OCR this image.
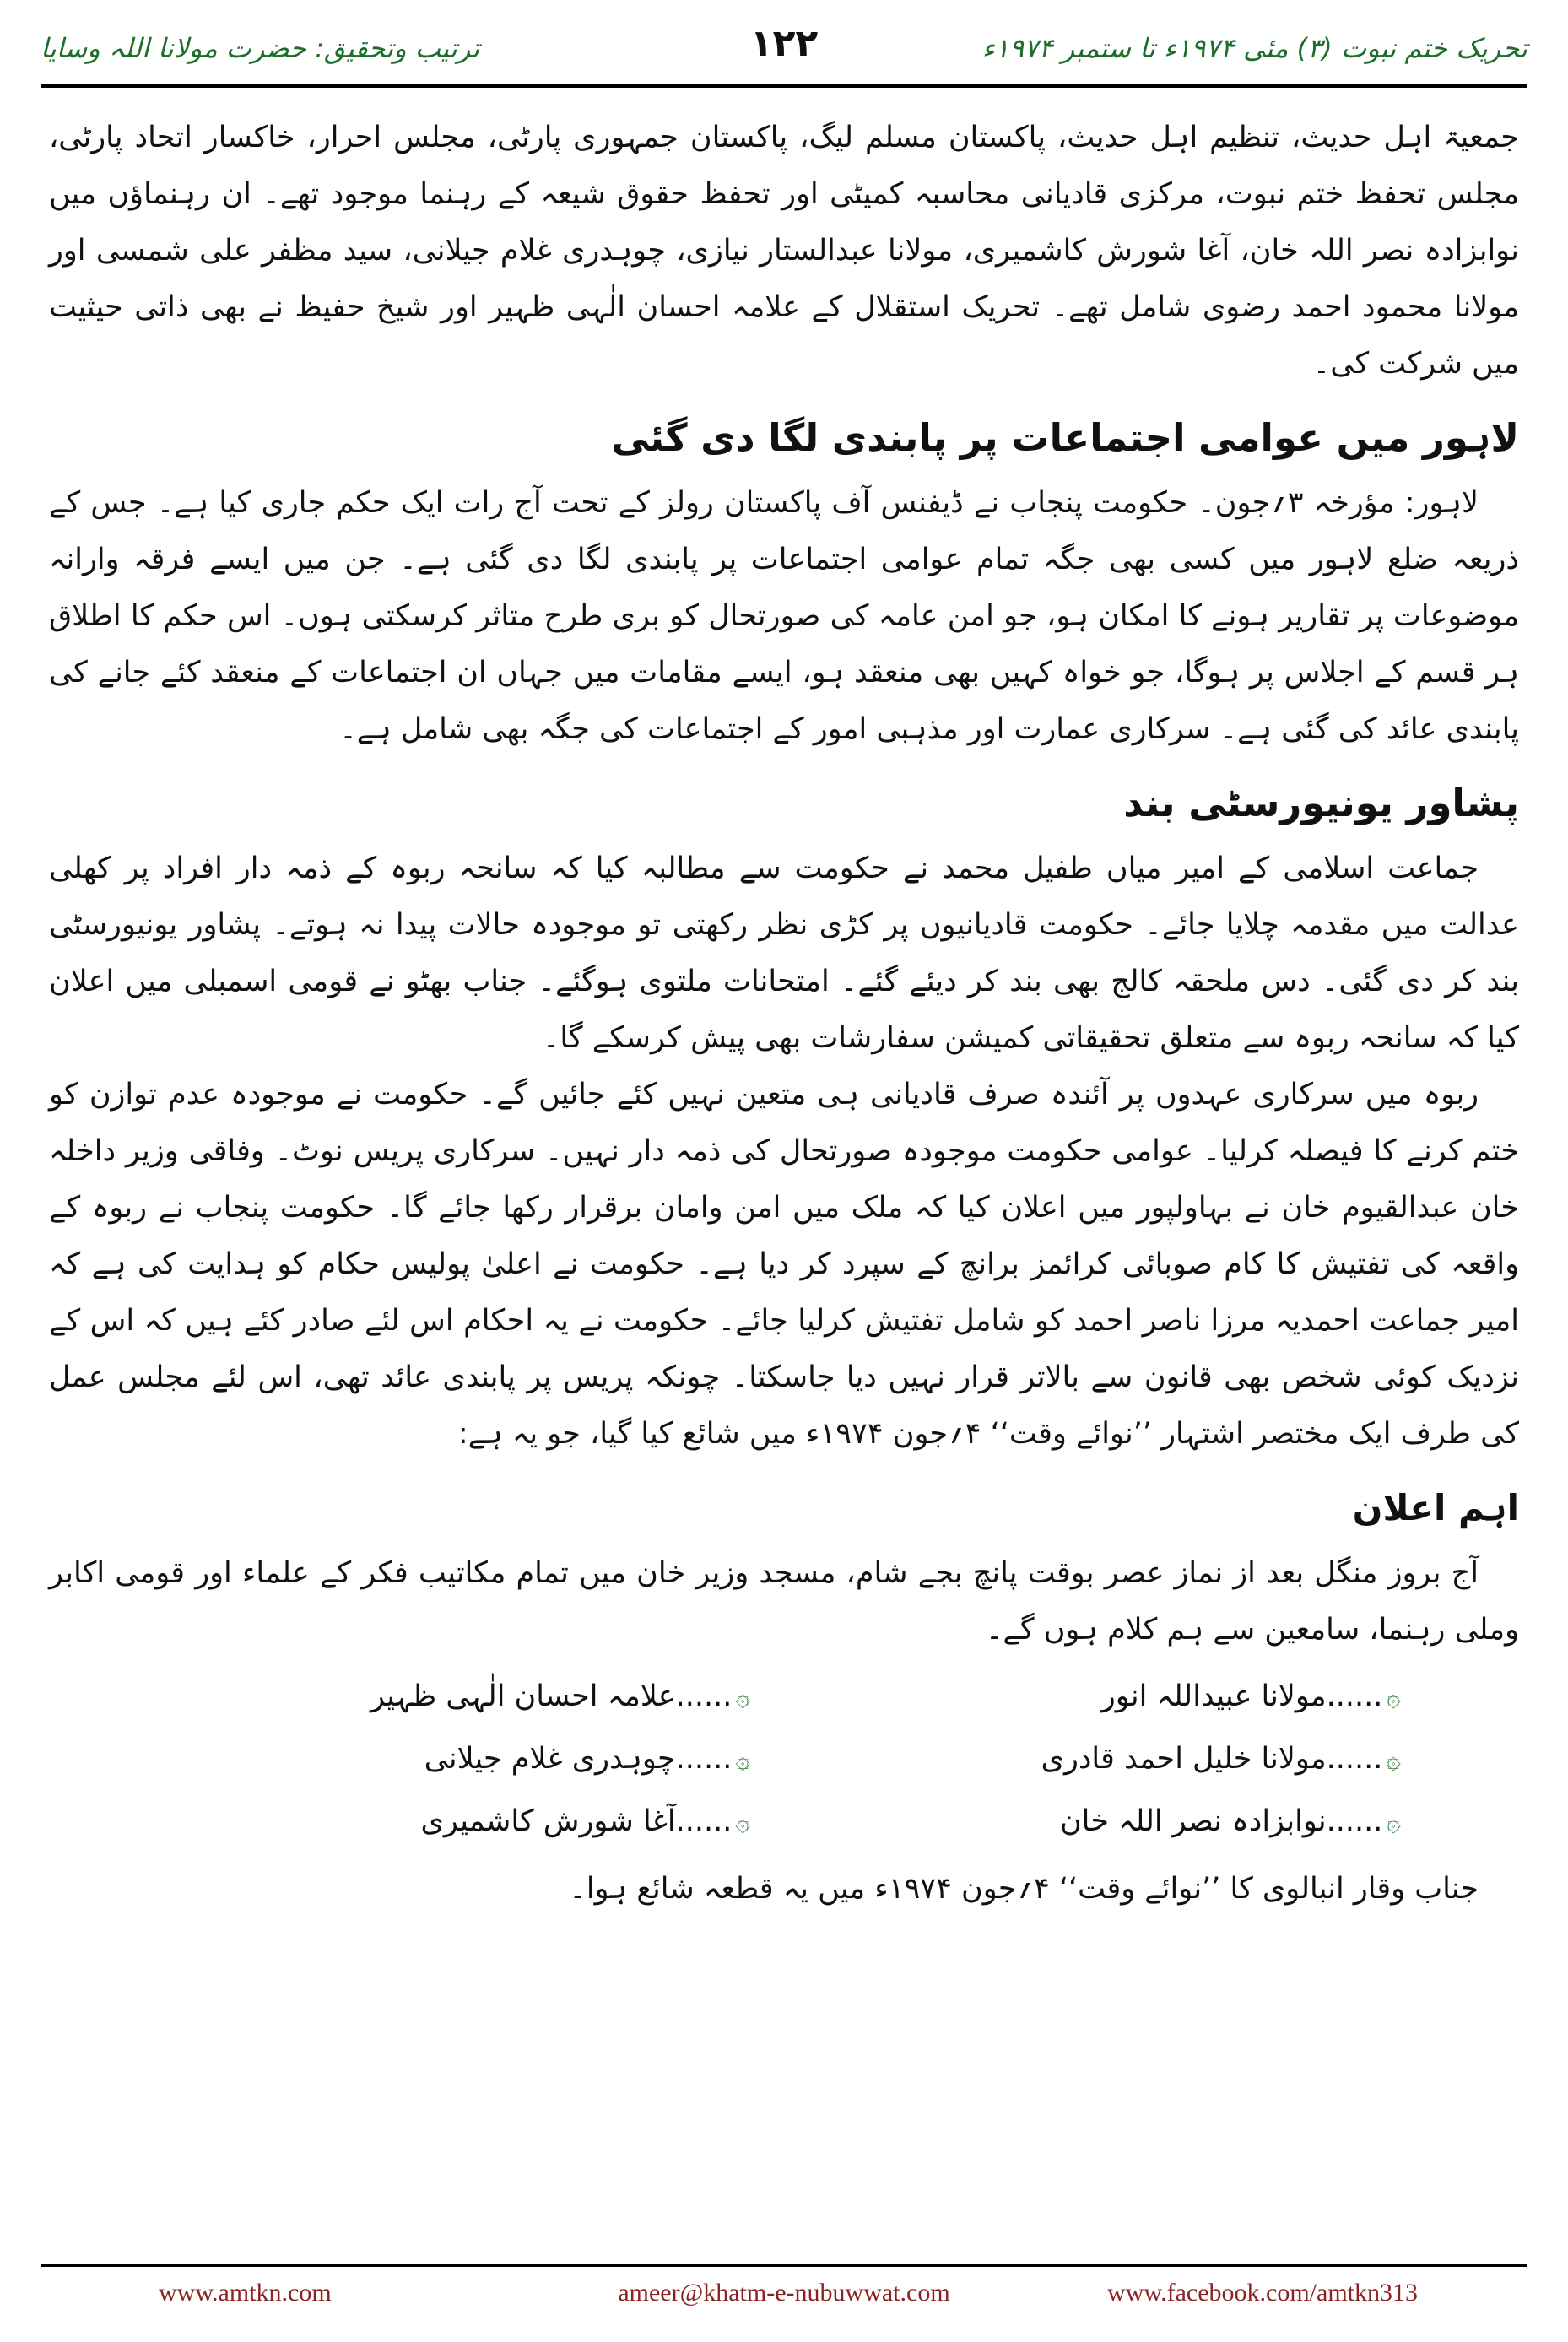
تحریک ختم نبوت (۳) مئی ۱۹۷۴ء تا ستمبر ۱۹۷۴ء
۱۲۲
ترتیب وتحقیق: حضرت مولانا اللہ وسایا

جمعیۃ اہل حدیث، تنظیم اہل حدیث، پاکستان مسلم لیگ، پاکستان جمہوری پارٹی، مجلس احرار، خاکسار اتحاد پارٹی، مجلس تحفظ ختم نبوت، مرکزی قادیانی محاسبہ کمیٹی اور تحفظ حقوق شیعہ کے رہنما موجود تھے۔ ان رہنماؤں میں نوابزادہ نصر اللہ خان، آغا شورش کاشمیری، مولانا عبدالستار نیازی، چوہدری غلام جیلانی، سید مظفر علی شمسی اور مولانا محمود احمد رضوی شامل تھے۔ تحریک استقلال کے علامہ احسان الٰہی ظہیر اور شیخ حفیظ نے بھی ذاتی حیثیت میں شرکت کی۔

لاہور میں عوامی اجتماعات پر پابندی لگا دی گئی

لاہور: مؤرخہ ۳؍جون۔ حکومت پنجاب نے ڈیفنس آف پاکستان رولز کے تحت آج رات ایک حکم جاری کیا ہے۔ جس کے ذریعہ ضلع لاہور میں کسی بھی جگہ تمام عوامی اجتماعات پر پابندی لگا دی گئی ہے۔ جن میں ایسے فرقہ وارانہ موضوعات پر تقاریر ہونے کا امکان ہو، جو امن عامہ کی صورتحال کو بری طرح متاثر کرسکتی ہوں۔ اس حکم کا اطلاق ہر قسم کے اجلاس پر ہوگا، جو خواہ کہیں بھی منعقد ہو، ایسے مقامات میں جہاں ان اجتماعات کے منعقد کئے جانے کی پابندی عائد کی گئی ہے۔ سرکاری عمارت اور مذہبی امور کے اجتماعات کی جگہ بھی شامل ہے۔

پشاور یونیورسٹی بند

جماعت اسلامی کے امیر میاں طفیل محمد نے حکومت سے مطالبہ کیا کہ سانحہ ربوہ کے ذمہ دار افراد پر کھلی عدالت میں مقدمہ چلایا جائے۔ حکومت قادیانیوں پر کڑی نظر رکھتی تو موجودہ حالات پیدا نہ ہوتے۔ پشاور یونیورسٹی بند کر دی گئی۔ دس ملحقہ کالج بھی بند کر دیئے گئے۔ امتحانات ملتوی ہوگئے۔ جناب بھٹو نے قومی اسمبلی میں اعلان کیا کہ سانحہ ربوہ سے متعلق تحقیقاتی کمیشن سفارشات بھی پیش کرسکے گا۔

ربوہ میں سرکاری عہدوں پر آئندہ صرف قادیانی ہی متعین نہیں کئے جائیں گے۔ حکومت نے موجودہ عدم توازن کو ختم کرنے کا فیصلہ کرلیا۔ عوامی حکومت موجودہ صورتحال کی ذمہ دار نہیں۔ سرکاری پریس نوٹ۔ وفاقی وزیر داخلہ خان عبدالقیوم خان نے بہاولپور میں اعلان کیا کہ ملک میں امن وامان برقرار رکھا جائے گا۔ حکومت پنجاب نے ربوہ کے واقعہ کی تفتیش کا کام صوبائی کرائمز برانچ کے سپرد کر دیا ہے۔ حکومت نے اعلیٰ پولیس حکام کو ہدایت کی ہے کہ امیر جماعت احمدیہ مرزا ناصر احمد کو شامل تفتیش کرلیا جائے۔ حکومت نے یہ احکام اس لئے صادر کئے ہیں کہ اس کے نزدیک کوئی شخص بھی قانون سے بالاتر قرار نہیں دیا جاسکتا۔ چونکہ پریس پر پابندی عائد تھی، اس لئے مجلس عمل کی طرف ایک مختصر اشتہار ’’نوائے وقت‘‘ ۴؍جون ۱۹۷۴ء میں شائع کیا گیا، جو یہ ہے:

اہم اعلان

آج بروز منگل بعد از نماز عصر بوقت پانچ بجے شام، مسجد وزیر خان میں تمام مکاتیب فکر کے علماء اور قومی اکابر وملی رہنما، سامعین سے ہم کلام ہوں گے۔

۞......مولانا عبیداللہ انور
۞......علامہ احسان الٰہی ظہیر
۞......مولانا خلیل احمد قادری
۞......چوہدری غلام جیلانی
۞......نوابزادہ نصر اللہ خان
۞......آغا شورش کاشمیری

جناب وقار انبالوی کا ’’نوائے وقت‘‘ ۴؍جون ۱۹۷۴ء میں یہ قطعہ شائع ہوا۔

www.amtkn.com	ameer@khatm-e-nubuwwat.com	www.facebook.com/amtkn313
